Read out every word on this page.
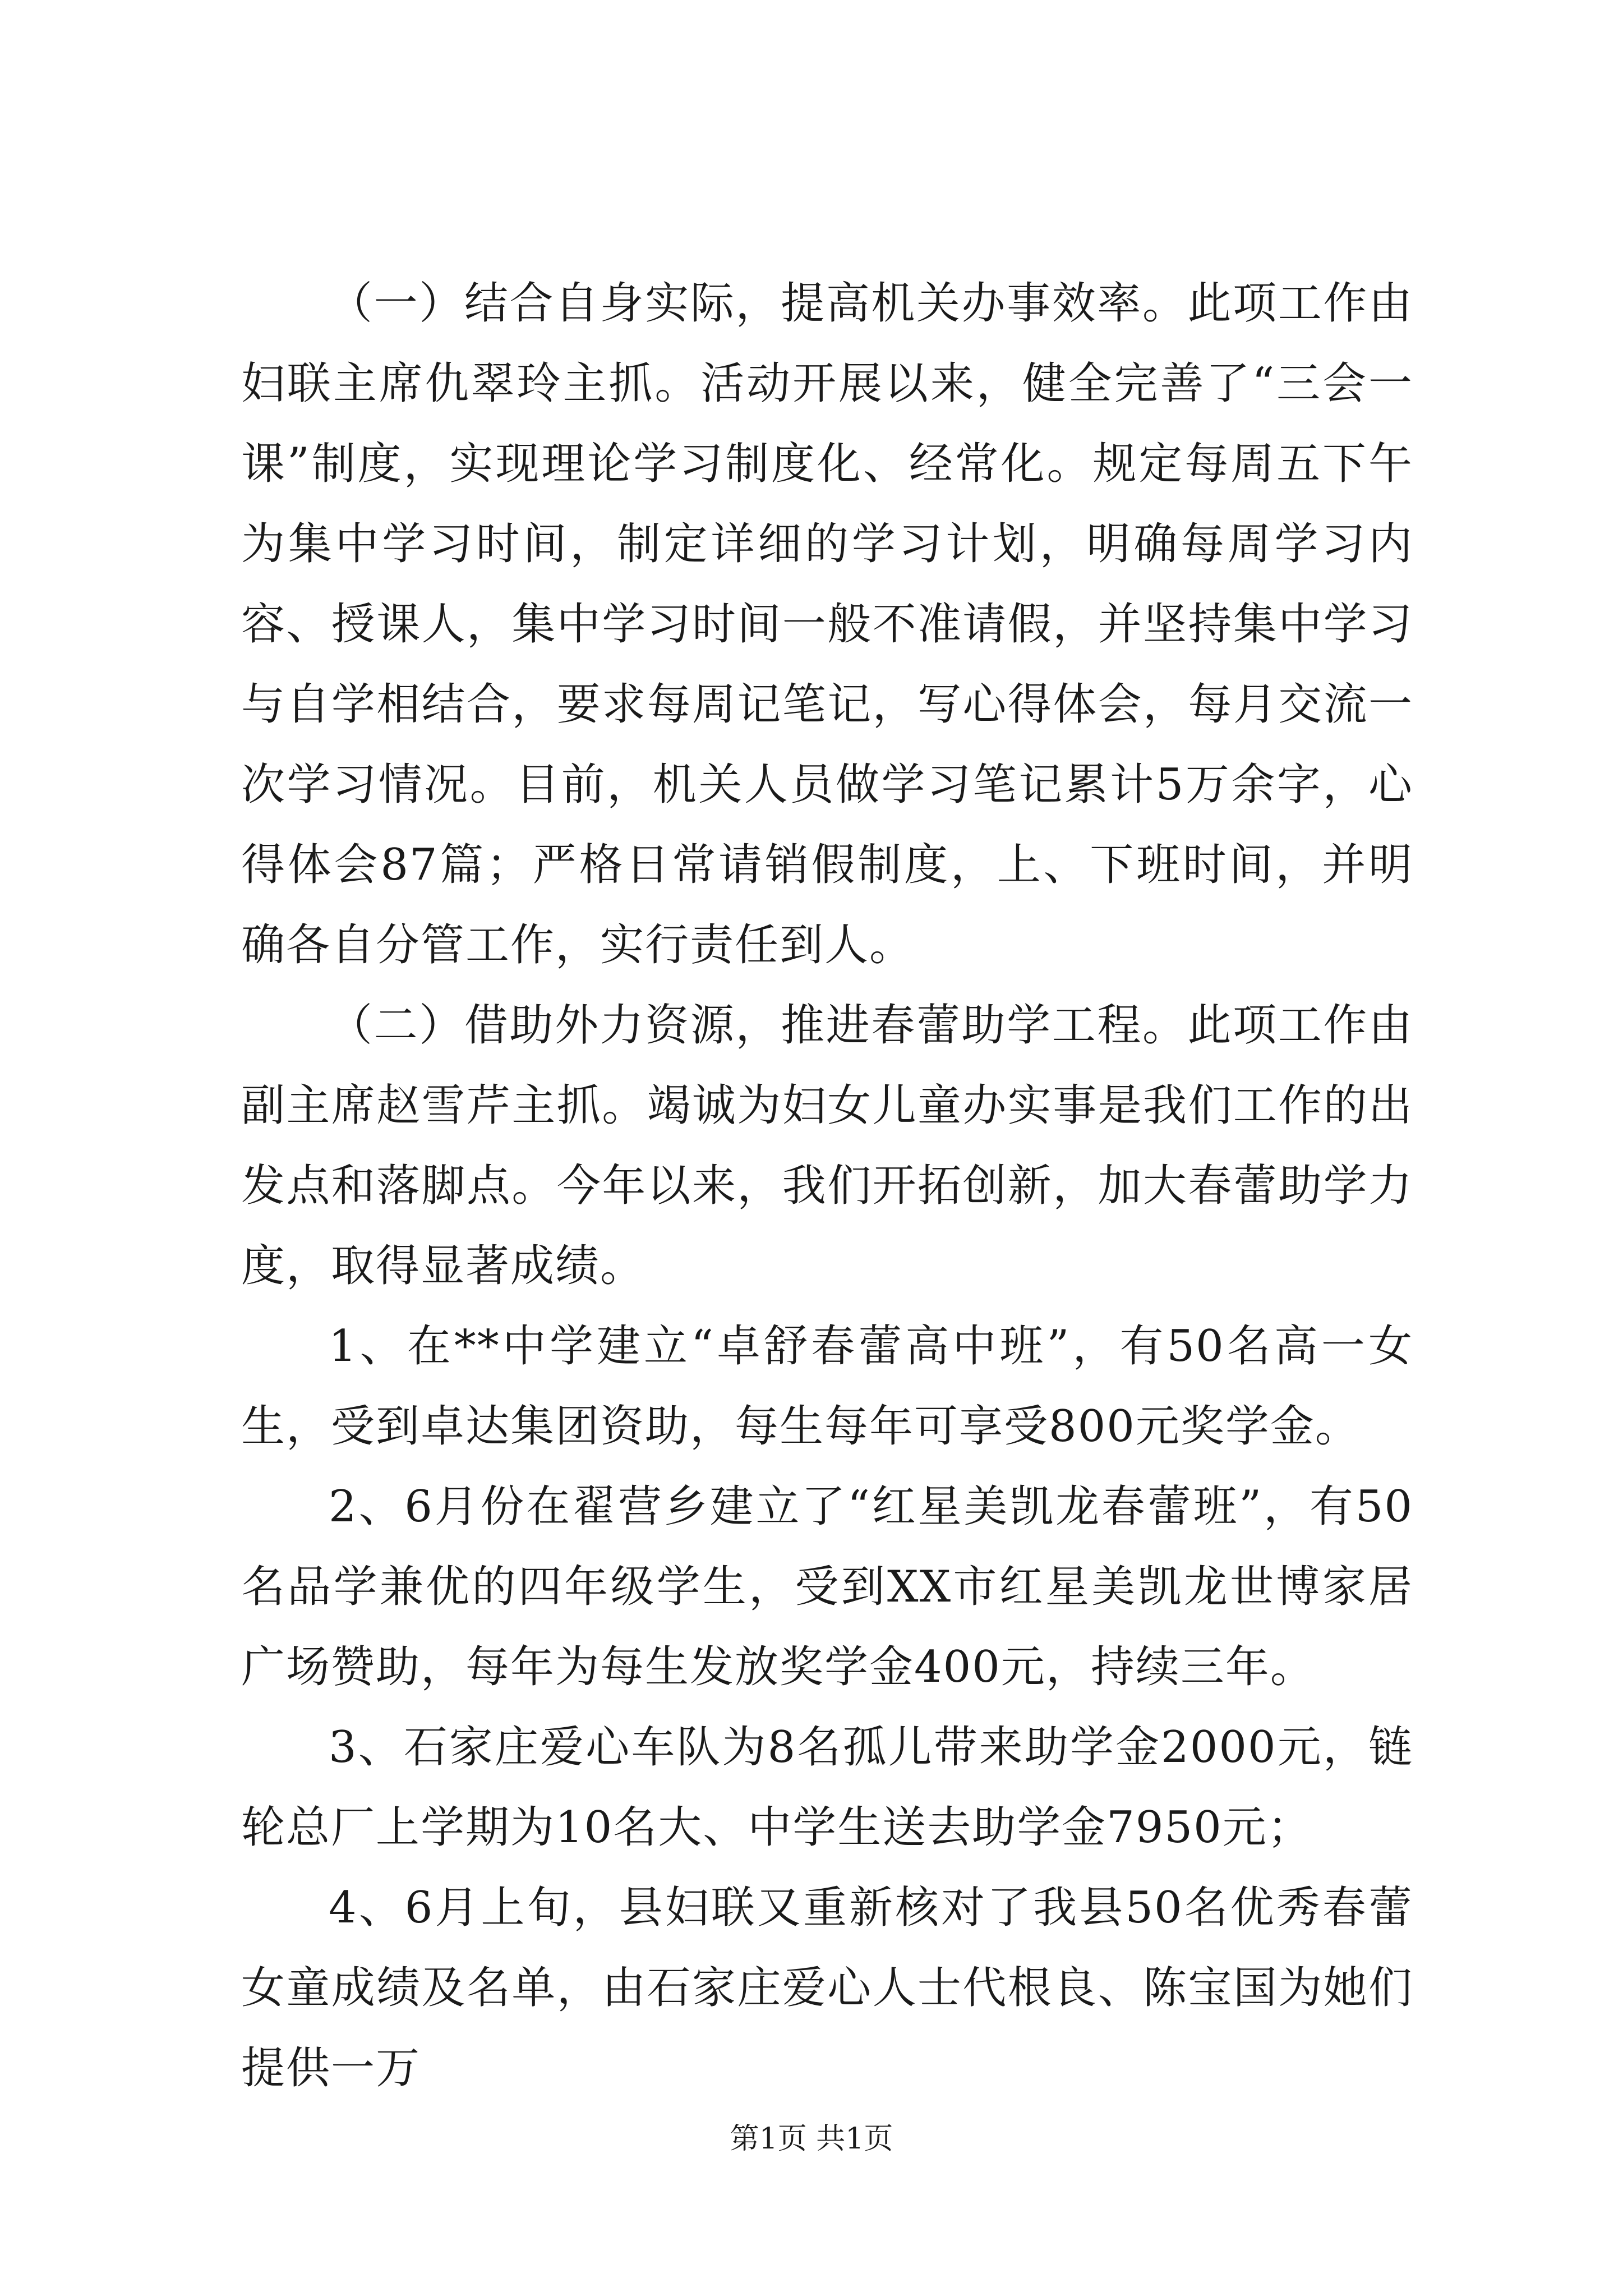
（一）结合自身实际，提高机关办事效率。此项工作由妇联主席仇翠玲主抓。活动开展以来，健全完善了“三会一课”制度，实现理论学习制度化、经常化。规定每周五下午为集中学习时间，制定详细的学习计划，明确每周学习内容、授课人，集中学习时间一般不准请假，并坚持集中学习与自学相结合，要求每周记笔记，写心得体会，每月交流一次学习情况。目前，机关人员做学习笔记累计5万余字，心得体会87篇；严格日常请销假制度，上、下班时间，并明确各自分管工作，实行责任到人。

（二）借助外力资源，推进春蕾助学工程。此项工作由副主席赵雪芹主抓。竭诚为妇女儿童办实事是我们工作的出发点和落脚点。今年以来，我们开拓创新，加大春蕾助学力度，取得显著成绩。

1、在**中学建立“卓舒春蕾高中班”，有50名高一女生，受到卓达集团资助，每生每年可享受800元奖学金。

2、6月份在翟营乡建立了“红星美凯龙春蕾班”，有50名品学兼优的四年级学生，受到XX市红星美凯龙世博家居广场赞助，每年为每生发放奖学金400元，持续三年。

3、石家庄爱心车队为8名孤儿带来助学金2000元，链轮总厂上学期为10名大、中学生送去助学金7950元；

4、6月上旬，县妇联又重新核对了我县50名优秀春蕾女童成绩及名单，由石家庄爱心人士代根良、陈宝国为她们提供一万

第1页 共1页
